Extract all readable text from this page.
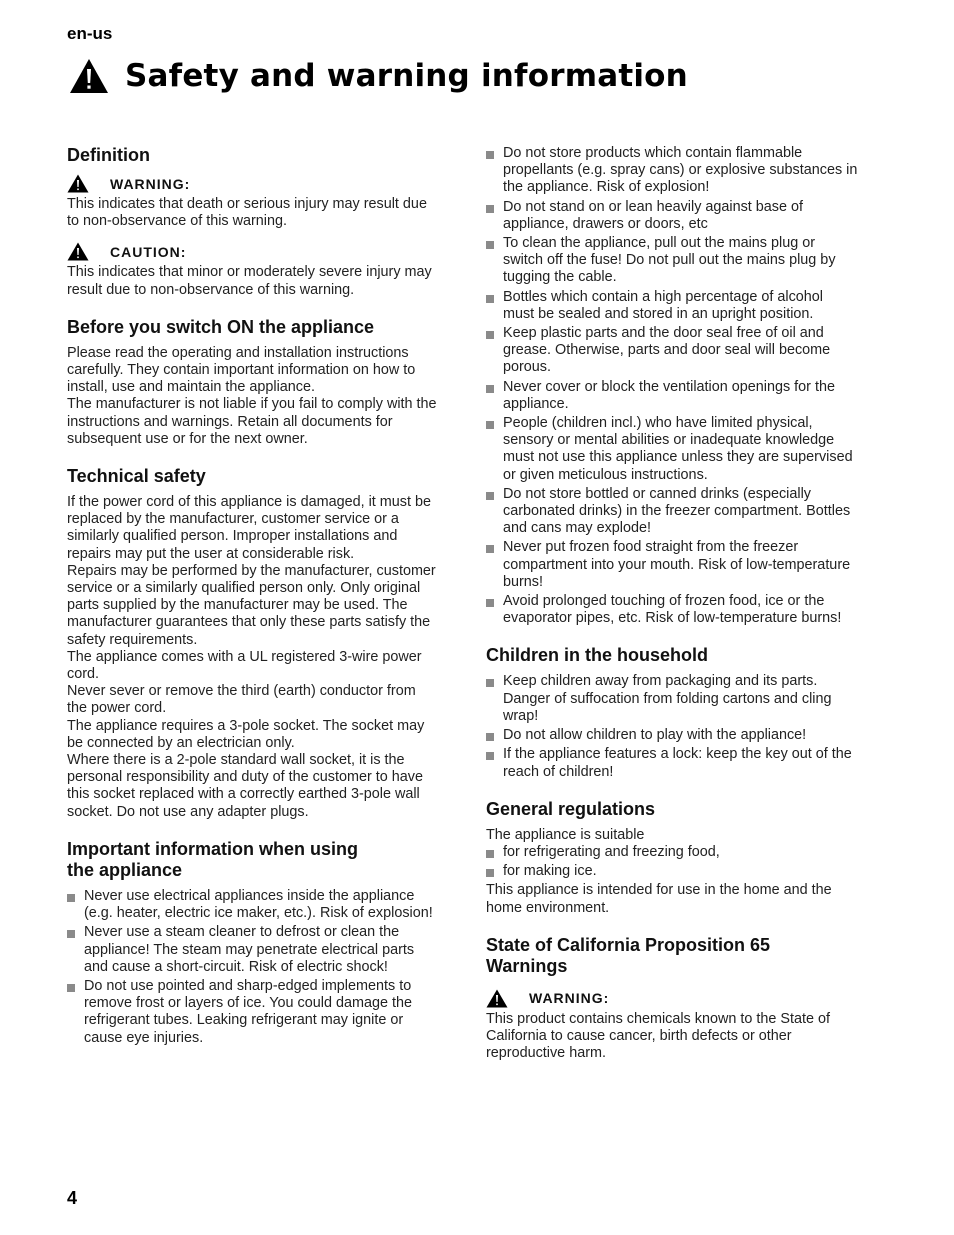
en-us
Safety and warning information
Definition
WARNING:

This indicates that death or serious injury may result due to non-observance of this warning.

CAUTION:

This indicates that minor or moderately severe injury may result due to non-observance of this warning.

Before you switch ON the appliance

Please read the operating and installation instructions carefully. They contain important information on how to install, use and maintain the appliance.

The manufacturer is not liable if you fail to comply with the instructions and warnings. Retain all documents for subsequent use or for the next owner.

Technical safety

If the power cord of this appliance is damaged, it must be replaced by the manufacturer, customer service or a similarly qualified person. Improper installations and repairs may put the user at considerable risk.

Repairs may be performed by the manufacturer, customer service or a similarly qualified person only. Only original parts supplied by the manufacturer may be used. The manufacturer guarantees that only these parts satisfy the safety requirements.

The appliance comes with a UL registered 3-wire power cord.

Never sever or remove the third (earth) conductor from the power cord.

The appliance requires a 3-pole socket. The socket may be connected by an electrician only.

Where there is a 2-pole standard wall socket, it is the personal responsibility and duty of the customer to have this socket replaced with a correctly earthed 3-pole wall socket. Do not use any adapter plugs.

Important information when using the appliance
Never use electrical appliances inside the appliance (e.g. heater, electric ice maker, etc.). Risk of explosion!
Never use a steam cleaner to defrost or clean the appliance! The steam may penetrate electrical parts and cause a short-circuit. Risk of electric shock!
Do not use pointed and sharp-edged implements to remove frost or layers of ice. You could damage the refrigerant tubes. Leaking refrigerant may ignite or cause eye injuries.
Do not store products which contain flammable propellants (e.g. spray cans) or explosive substances in the appliance. Risk of explosion!
Do not stand on or lean heavily against base of appliance, drawers or doors, etc
To clean the appliance, pull out the mains plug or switch off the fuse! Do not pull out the mains plug by tugging the cable.
Bottles which contain a high percentage of alcohol must be sealed and stored in an upright position.
Keep plastic parts and the door seal free of oil and grease. Otherwise, parts and door seal will become porous.
Never cover or block the ventilation openings for the appliance.
People (children incl.) who have limited physical, sensory or mental abilities or inadequate knowledge must not use this appliance unless they are supervised or given meticulous instructions.
Do not store bottled or canned drinks (especially carbonated drinks) in the freezer compartment. Bottles and cans may explode!
Never put frozen food straight from the freezer compartment into your mouth. Risk of low-temperature burns!
Avoid prolonged touching of frozen food, ice or the evaporator pipes, etc. Risk of low-temperature burns!
Children in the household
Keep children away from packaging and its parts. Danger of suffocation from folding cartons and cling wrap!
Do not allow children to play with the appliance!
If the appliance features a lock: keep the key out of the reach of children!
General regulations

The appliance is suitable

for refrigerating and freezing food,
for making ice.

This appliance is intended for use in the home and the home environment.

State of California Proposition 65 Warnings
WARNING:

This product contains chemicals known to the State of California to cause cancer, birth defects or other reproductive harm.

4
